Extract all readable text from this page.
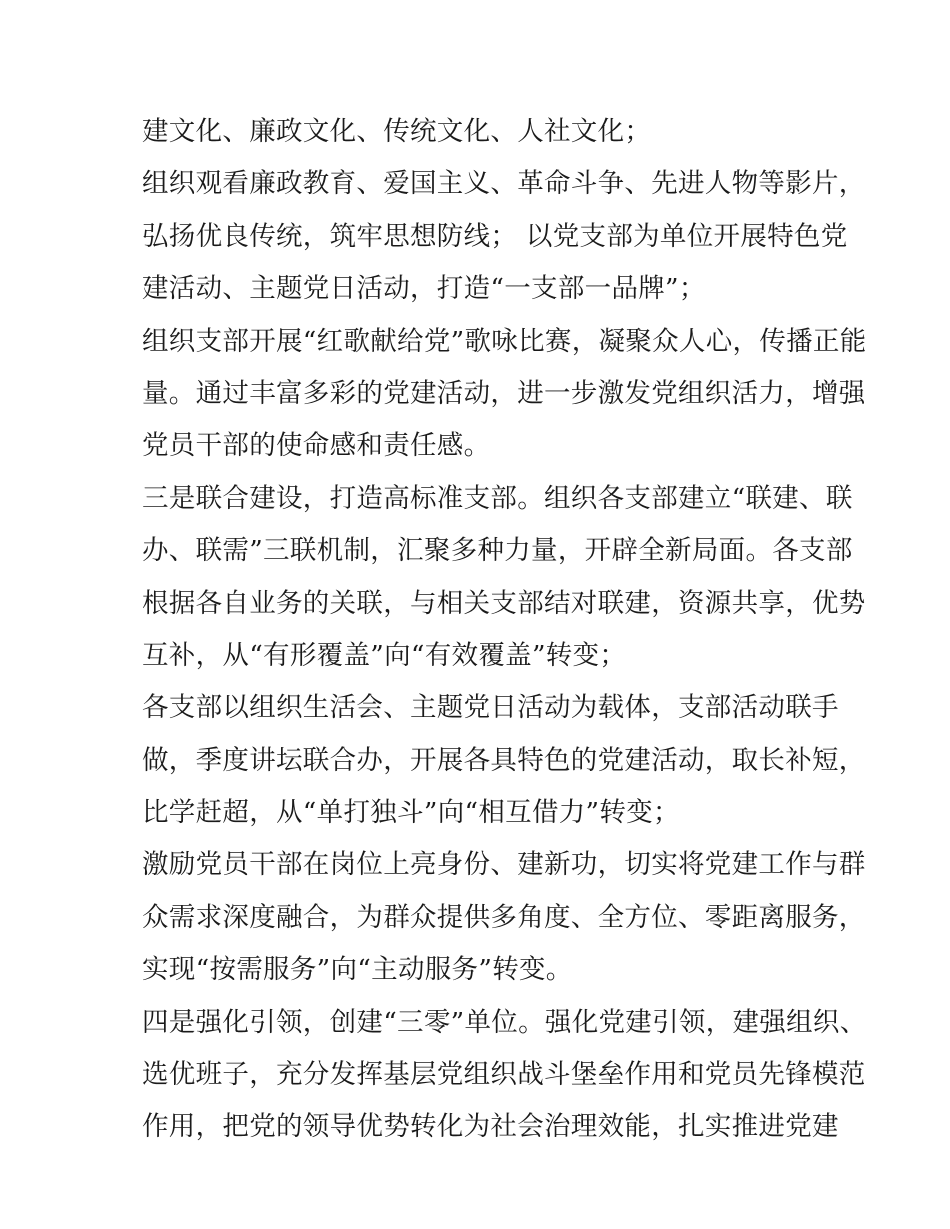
建文化、廉政文化、传统文化、人社文化；
组织观看廉政教育、爱国主义、革命斗争、先进人物等影片，
弘扬优良传统，筑牢思想防线； 以党支部为单位开展特色党
建活动、主题党日活动，打造“一支部一品牌”；
组织支部开展“红歌献给党”歌咏比赛，凝聚众人心，传播正能
量。通过丰富多彩的党建活动，进一步激发党组织活力，增强
党员干部的使命感和责任感。
三是联合建设，打造高标准支部。组织各支部建立“联建、联
办、联需”三联机制，汇聚多种力量，开辟全新局面。各支部
根据各自业务的关联，与相关支部结对联建，资源共享，优势
互补，从“有形覆盖”向“有效覆盖”转变；
各支部以组织生活会、主题党日活动为载体，支部活动联手
做，季度讲坛联合办，开展各具特色的党建活动，取长补短，
比学赶超，从“单打独斗”向“相互借力”转变；
激励党员干部在岗位上亮身份、建新功，切实将党建工作与群
众需求深度融合，为群众提供多角度、全方位、零距离服务，
实现“按需服务”向“主动服务”转变。
四是强化引领，创建“三零”单位。强化党建引领，建强组织、
选优班子，充分发挥基层党组织战斗堡垒作用和党员先锋模范
作用，把党的领导优势转化为社会治理效能，扎实推进党建
